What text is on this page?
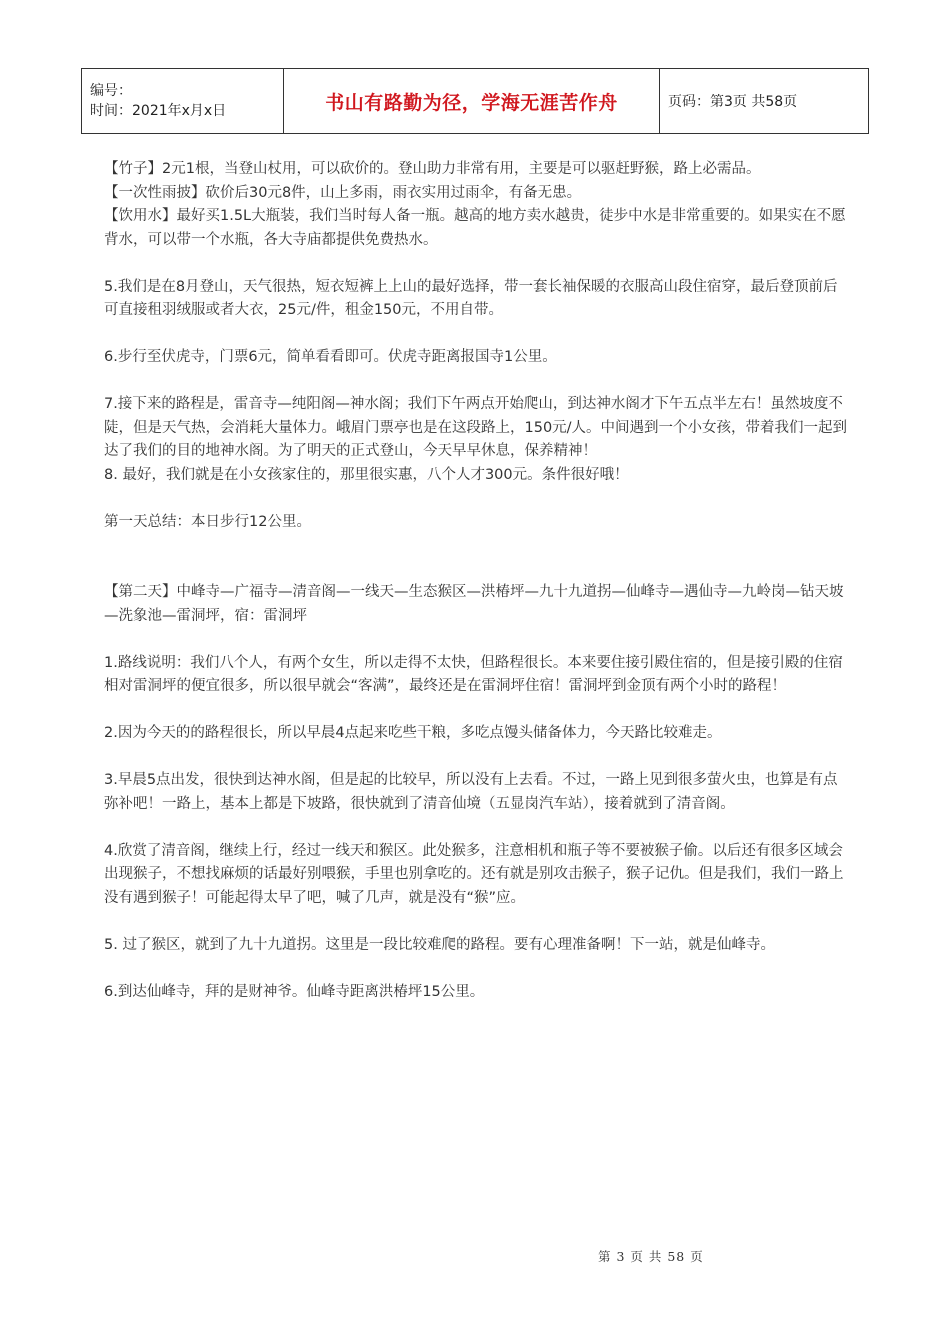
编号：
时间：2021年x月x日	书山有路勤为径，学海无涯苦作舟	页码：第3页 共58页

【竹子】2元1根，当登山杖用，可以砍价的。登山助力非常有用，主要是可以驱赶野猴，路上必需品。

【一次性雨披】砍价后30元8件，山上多雨，雨衣实用过雨伞，有备无患。

【饮用水】最好买1.5L大瓶装，我们当时每人备一瓶。越高的地方卖水越贵，徒步中水是非常重要的。如果实在不愿背水，可以带一个水瓶，各大寺庙都提供免费热水。

5.我们是在8月登山，天气很热，短衣短裤上上山的最好选择，带一套长袖保暖的衣服高山段住宿穿，最后登顶前后可直接租羽绒服或者大衣，25元/件，租金150元，不用自带。

6.步行至伏虎寺，门票6元，简单看看即可。伏虎寺距离报国寺1公里。

7.接下来的路程是，雷音寺—纯阳阁—神水阁；我们下午两点开始爬山，到达神水阁才下午五点半左右！虽然坡度不陡，但是天气热，会消耗大量体力。峨眉门票亭也是在这段路上，150元/人。中间遇到一个小女孩，带着我们一起到达了我们的目的地神水阁。为了明天的正式登山，今天早早休息，保养精神！

8. 最好，我们就是在小女孩家住的，那里很实惠，八个人才300元。条件很好哦！

第一天总结：本日步行12公里。

【第二天】中峰寺—广福寺—清音阁—一线天—生态猴区—洪椿坪—九十九道拐—仙峰寺—遇仙寺—九岭岗—钻天坡—洗象池—雷洞坪，宿：雷洞坪

1.路线说明：我们八个人，有两个女生，所以走得不太快，但路程很长。本来要住接引殿住宿的，但是接引殿的住宿相对雷洞坪的便宜很多，所以很早就会“客满”，最终还是在雷洞坪住宿！雷洞坪到金顶有两个小时的路程！

2.因为今天的的路程很长，所以早晨4点起来吃些干粮，多吃点馒头储备体力，今天路比较难走。

3.早晨5点出发，很快到达神水阁，但是起的比较早，所以没有上去看。不过，一路上见到很多萤火虫，也算是有点弥补吧！一路上，基本上都是下坡路，很快就到了清音仙境（五显岗汽车站），接着就到了清音阁。

4.欣赏了清音阁，继续上行，经过一线天和猴区。此处猴多，注意相机和瓶子等不要被猴子偷。以后还有很多区域会出现猴子，不想找麻烦的话最好别喂猴，手里也别拿吃的。还有就是别攻击猴子，猴子记仇。但是我们，我们一路上没有遇到猴子！可能起得太早了吧，喊了几声，就是没有“猴”应。

5. 过了猴区，就到了九十九道拐。这里是一段比较难爬的路程。要有心理准备啊！下一站，就是仙峰寺。

6.到达仙峰寺，拜的是财神爷。仙峰寺距离洪椿坪15公里。

第 3 页 共 58 页
